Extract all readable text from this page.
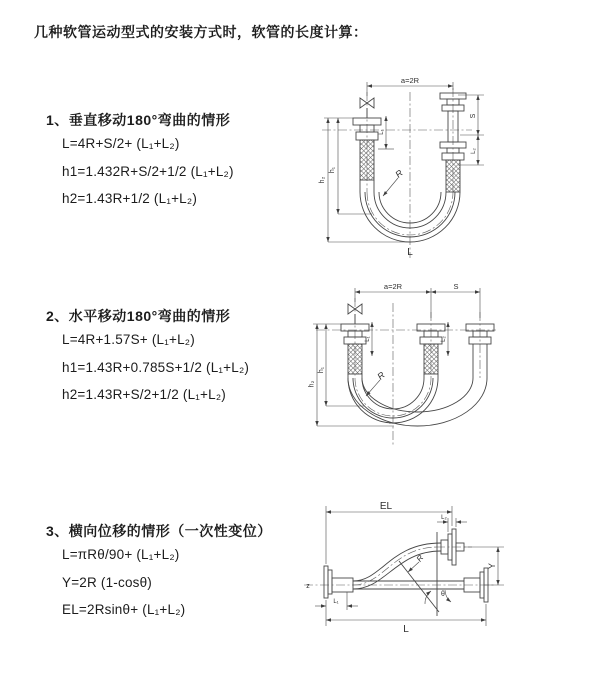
几种软管运动型式的安装方式时，软管的长度计算：
1、垂直移动180°弯曲的情形
L=4R+S/2+ (L₁+L₂)
h1=1.432R+S/2+1/2 (L₁+L₂)
h2=1.43R+1/2 (L₁+L₂)
2、水平移动180°弯曲的情形
L=4R+1.57S+ (L₁+L₂)
h1=1.43R+0.785S+1/2 (L₁+L₂)
h2=1.43R+S/2+1/2 (L₁+L₂)
3、横向位移的情形（一次性变位）
L=πRθ/90+ (L₁+L₂)
Y=2R (1-cosθ)
EL=2Rsinθ+ (L₁+L₂)
a=2R
h₁
h₂
L₁
S
L₂
R
L
a=2R	S
h₁
h₂
L₁	L₂
R
EL
L
Y
L₂
L₁
R
θ
z
